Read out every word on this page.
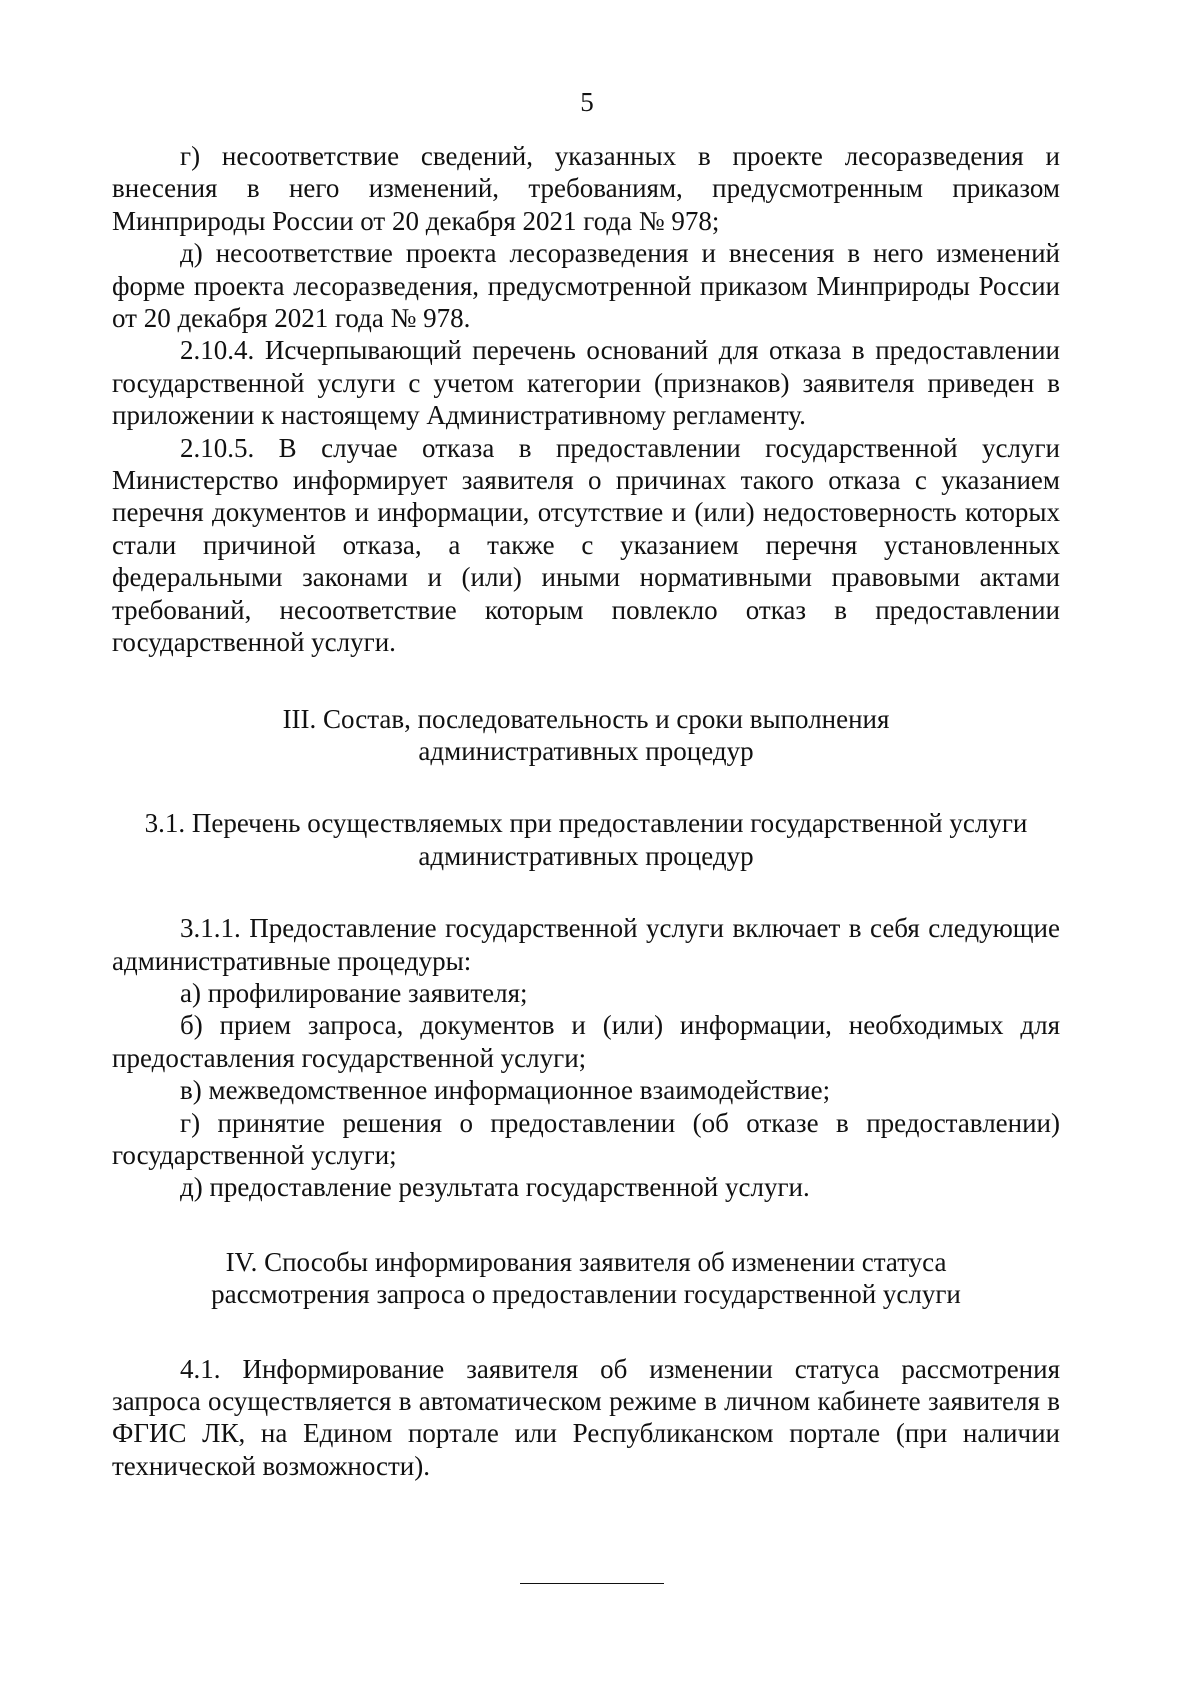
5

г) несоответствие сведений, указанных в проекте лесоразведения и внесения в него изменений, требованиям, предусмотренным приказом Минприроды России от 20 декабря 2021 года № 978;

д) несоответствие проекта лесоразведения и внесения в него изменений форме проекта лесоразведения, предусмотренной приказом Минприроды России от 20 декабря 2021 года № 978.

2.10.4. Исчерпывающий перечень оснований для отказа в предоставлении государственной услуги с учетом категории (признаков) заявителя приведен в приложении к настоящему Административному регламенту.

2.10.5. В случае отказа в предоставлении государственной услуги Министерство информирует заявителя о причинах такого отказа с указанием перечня документов и информации, отсутствие и (или) недостоверность которых стали причиной отказа, а также с указанием перечня установленных федеральными законами и (или) иными нормативными правовыми актами требований, несоответствие которым повлекло отказ в предоставлении государственной услуги.

III. Состав, последовательность и сроки выполнения
административных процедур
3.1. Перечень осуществляемых при предоставлении государственной услуги
административных процедур

3.1.1. Предоставление государственной услуги включает в себя следующие административные процедуры:

а) профилирование заявителя;

б) прием запроса, документов и (или) информации, необходимых для предоставления государственной услуги;

в) межведомственное информационное взаимодействие;

г) принятие решения о предоставлении (об отказе в предоставлении) государственной услуги;

д) предоставление результата государственной услуги.

IV. Способы информирования заявителя об изменении статуса
рассмотрения запроса о предоставлении государственной услуги

4.1. Информирование заявителя об изменении статуса рассмотрения запроса осуществляется в автоматическом режиме в личном кабинете заявителя в ФГИС ЛК, на Едином портале или Республиканском портале (при наличии технической возможности).
